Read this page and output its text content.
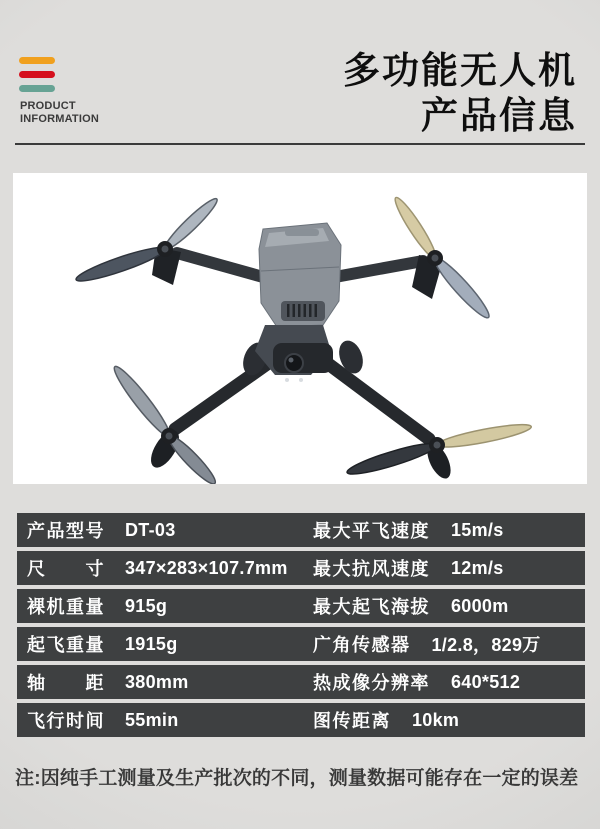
PRODUCT
INFORMATION
多功能无人机
产品信息
产品型号	DT-03	最大平飞速度 15m/s
尺　　寸	347×283×107.7mm 最大抗风速度 12m/s
裸机重量	915g	最大起飞海拔 6000m
起飞重量	1915g	广角传感器 1/2.8，829万
轴　　距	380mm	热成像分辨率 640*512
飞行时间	55min	图传距离 10km
注:因纯手工测量及生产批次的不同，测量数据可能存在一定的误差
